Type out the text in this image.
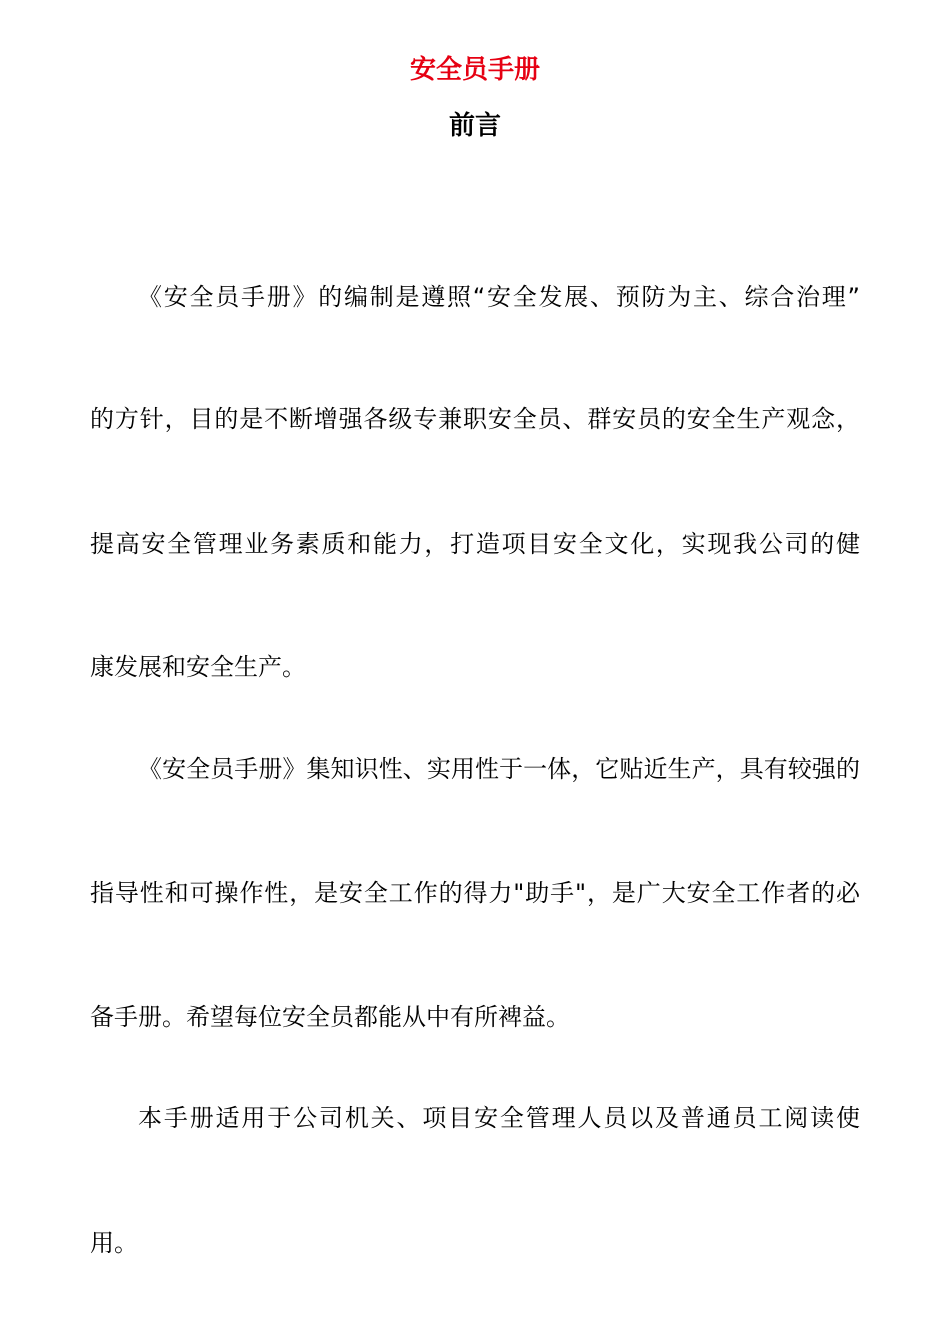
安全员手册
前言
《安全员手册》的编制是遵照“安全发展、预防为主、综合治理”
的方针，目的是不断增强各级专兼职安全员、群安员的安全生产观念，
提高安全管理业务素质和能力，打造项目安全文化，实现我公司的健
康发展和安全生产。
《安全员手册》集知识性、实用性于一体，它贴近生产，具有较强的
指导性和可操作性，是安全工作的得力"助手"，是广大安全工作者的必
备手册。希望每位安全员都能从中有所裨益。
本手册适用于公司机关、项目安全管理人员以及普通员工阅读使
用。
